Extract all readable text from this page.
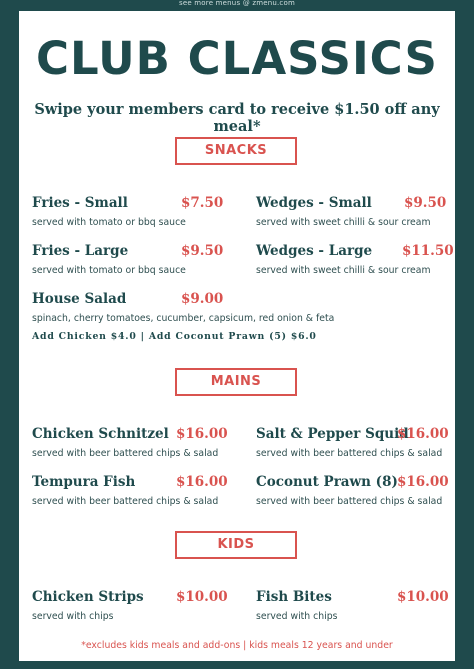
see more menus @ zmenu.com
CLUB CLASSICS
Swipe your members card to receive $1.50 off any meal*
SNACKS
Fries - Small	$7.50
served with tomato or bbq sauce
Wedges - Small $9.50
served with sweet chilli & sour cream
Fries - Large	$9.50
served with tomato or bbq sauce
Wedges - Large $11.50
served with sweet chilli & sour cream
House Salad	$9.00
spinach, cherry tomatoes, cucumber, capsicum, red onion & feta
Add Chicken $4.0 | Add Coconut Prawn (5) $6.0
MAINS
Chicken Schnitzel $16.00
served with beer battered chips & salad
Salt & Pepper Squid
$16.00
served with beer battered chips & salad
Tempura Fish	$16.00
served with beer battered chips & salad
Coconut Prawn (8) $16.00
served with beer battered chips & salad
KIDS
Chicken Strips $10.00
served with chips
Fish Bites	$10.00
served with chips
*excludes kids meals and add-ons | kids meals 12 years and under
